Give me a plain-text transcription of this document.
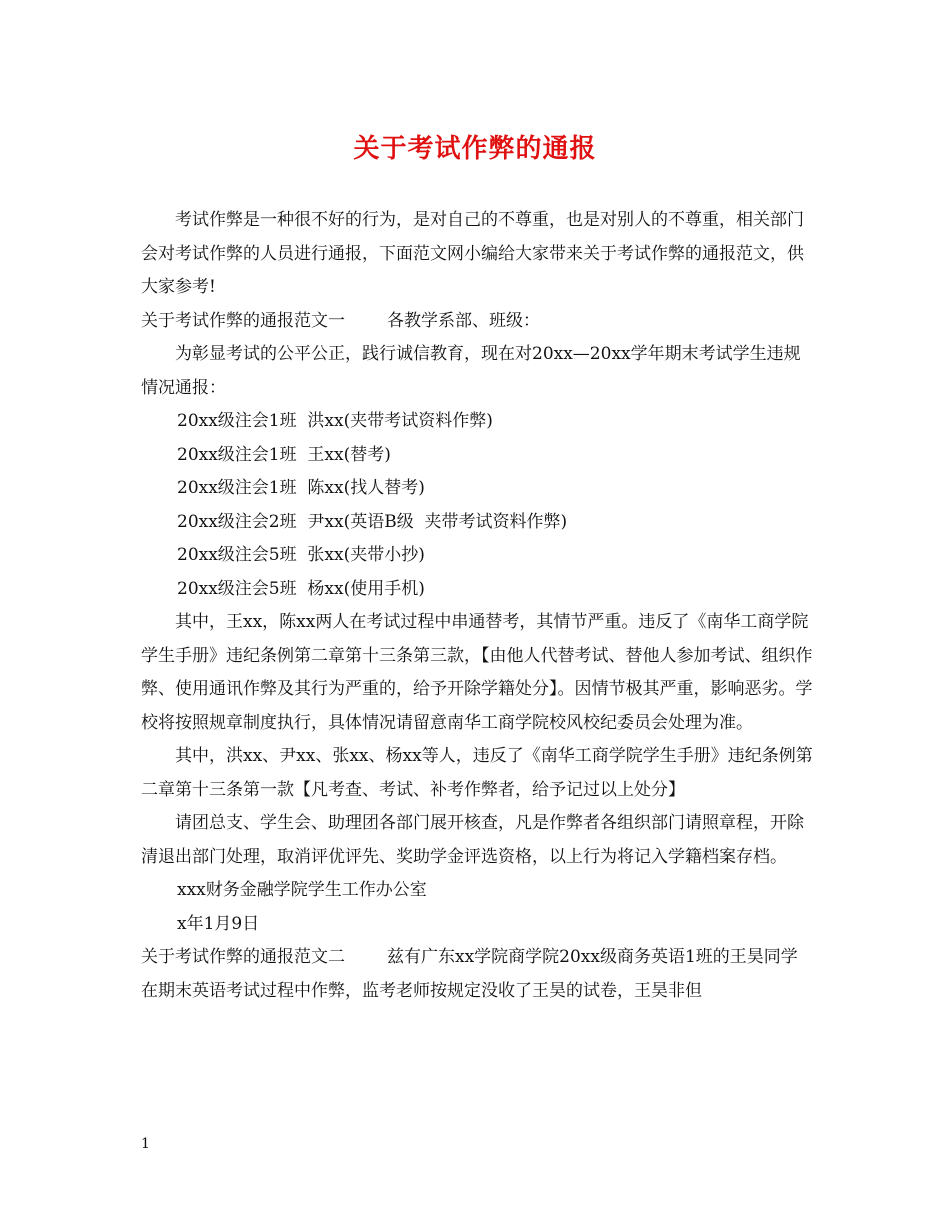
关于考试作弊的通报

考试作弊是一种很不好的行为，是对自己的不尊重，也是对别人的不尊重，相关部门会对考试作弊的人员进行通报，下面范文网小编给大家带来关于考试作弊的通报范文，供大家参考!

关于考试作弊的通报范文一 各教学系部、班级：

为彰显考试的公平公正，践行诚信教育，现在对20xx—20xx学年期末考试学生违规情况通报：

20xx级注会1班  洪xx(夹带考试资料作弊)

20xx级注会1班  王xx(替考)

20xx级注会1班  陈xx(找人替考)

20xx级注会2班  尹xx(英语B级  夹带考试资料作弊)

20xx级注会5班  张xx(夹带小抄)

20xx级注会5班  杨xx(使用手机)

其中，王xx，陈xx两人在考试过程中串通替考，其情节严重。违反了《南华工商学院学生手册》违纪条例第二章第十三条第三款，【由他人代替考试、替他人参加考试、组织作弊、使用通讯作弊及其行为严重的，给予开除学籍处分】。因情节极其严重，影响恶劣。学校将按照规章制度执行，具体情况请留意南华工商学院校风校纪委员会处理为准。

其中，洪xx、尹xx、张xx、杨xx等人，违反了《南华工商学院学生手册》违纪条例第二章第十三条第一款【凡考查、考试、补考作弊者，给予记过以上处分】

请团总支、学生会、助理团各部门展开核查，凡是作弊者各组织部门请照章程，开除清退出部门处理，取消评优评先、奖助学金评选资格，以上行为将记入学籍档案存档。

xxx财务金融学院学生工作办公室

x年1月9日

关于考试作弊的通报范文二 兹有广东xx学院商学院20xx级商务英语1班的王昊同学在期末英语考试过程中作弊，监考老师按规定没收了王昊的试卷，王昊非但

1
